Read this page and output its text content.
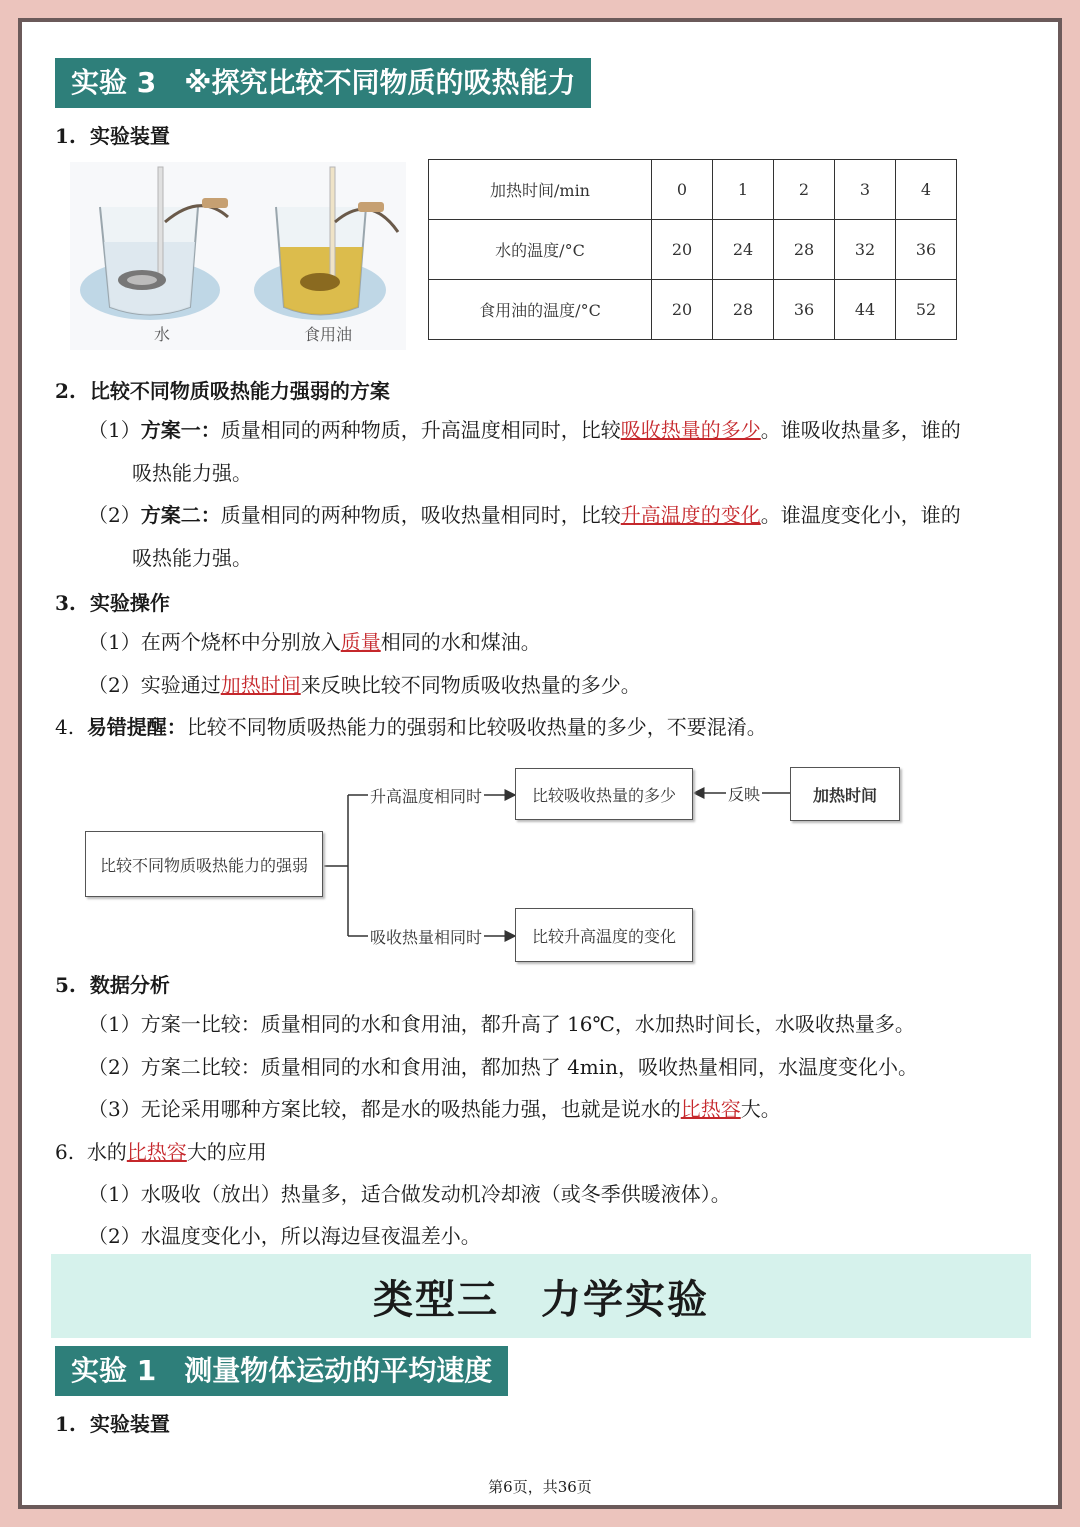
实验 3　※探究比较不同物质的吸热能力
1. 实验装置
水	食用油
加热时间/min	0	1	2	3	4
水的温度/°C	20	24	28	32	36
食用油的温度/°C	20	28	36	44	52
2. 比较不同物质吸热能力强弱的方案
（1）方案一：质量相同的两种物质，升高温度相同时，比较吸收热量的多少。谁吸收热量多，谁的
吸热能力强。
（2）方案二：质量相同的两种物质，吸收热量相同时，比较升高温度的变化。谁温度变化小，谁的
吸热能力强。
3. 实验操作
（1）在两个烧杯中分别放入质量相同的水和煤油。
（2）实验通过加热时间来反映比较不同物质吸收热量的多少。
4. 易错提醒：比较不同物质吸热能力的强弱和比较吸收热量的多少，不要混淆。
比较不同物质吸热能力的强弱
升高温度相同时	比较吸收热量的多少	反映	加热时间
吸收热量相同时	比较升高温度的变化
5. 数据分析
（1）方案一比较：质量相同的水和食用油，都升高了 16℃，水加热时间长，水吸收热量多。
（2）方案二比较：质量相同的水和食用油，都加热了 4min，吸收热量相同，水温度变化小。
（3）无论采用哪种方案比较，都是水的吸热能力强，也就是说水的比热容大。
6. 水的比热容大的应用
（1）水吸收（放出）热量多，适合做发动机冷却液（或冬季供暖液体）。
（2）水温度变化小，所以海边昼夜温差小。
类型三　力学实验
实验 1　测量物体运动的平均速度
1. 实验装置
第6页，共36页
